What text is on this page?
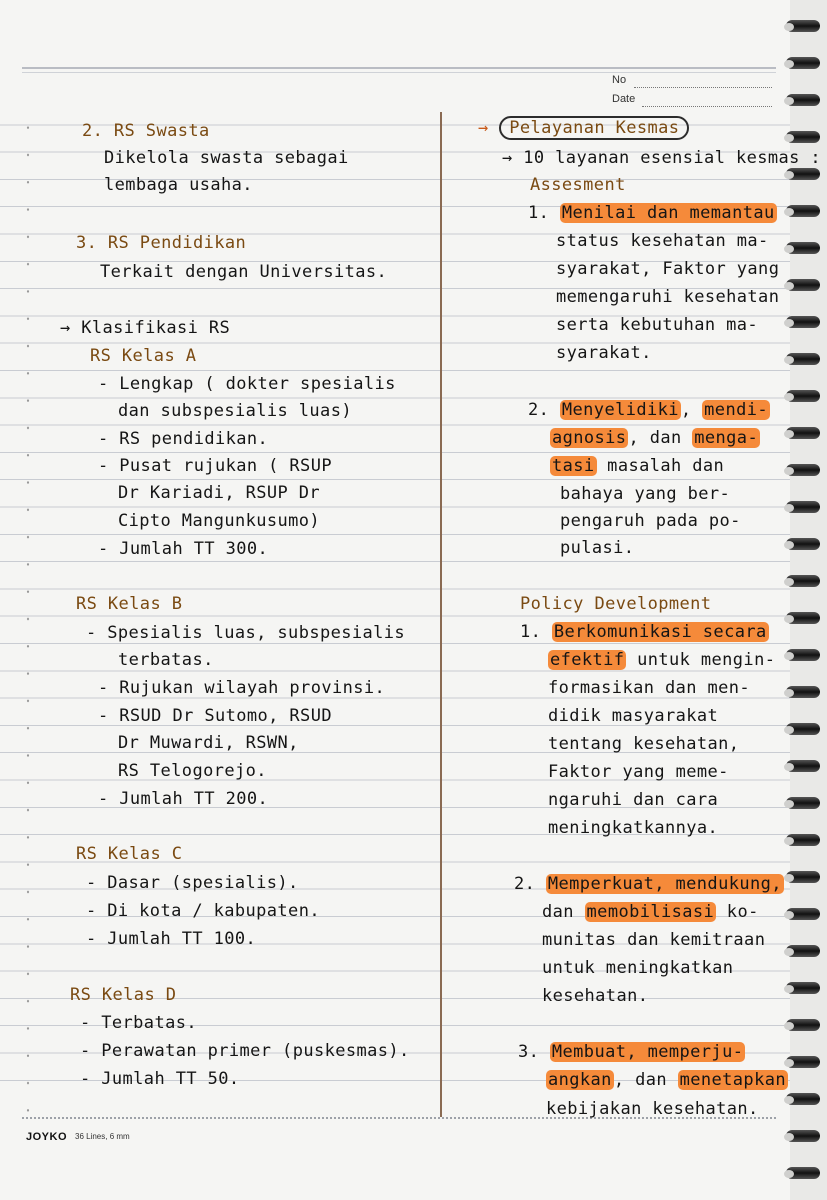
No
Date
JOYKO 36 Lines, 6 mm
2. RS Swasta
Dikelola swasta sebagai
lembaga usaha.
3. RS Pendidikan
Terkait dengan Universitas.
→ Klasifikasi RS
RS Kelas A
- Lengkap ( dokter spesialis
dan subspesialis luas)
- RS pendidikan.
- Pusat rujukan ( RSUP
Dr Kariadi, RSUP Dr
Cipto Mangunkusumo)
- Jumlah TT 300.
RS Kelas B
- Spesialis luas, subspesialis
terbatas.
- Rujukan wilayah provinsi.
- RSUD Dr Sutomo, RSUD
Dr Muwardi, RSWN,
RS Telogorejo.
- Jumlah TT 200.
RS Kelas C
- Dasar (spesialis).
- Di kota / kabupaten.
- Jumlah TT 100.
RS Kelas D
- Terbatas.
- Perawatan primer (puskesmas).
- Jumlah TT 50.
→ Pelayanan Kesmas
→ 10 layanan esensial kesmas :
Assesment
1. Menilai dan memantau
status kesehatan ma-
syarakat, Faktor yang
memengaruhi kesehatan
serta kebutuhan ma-
syarakat.
2. Menyelidiki , mendi-
agnosis , dan menga-
tasi masalah dan
bahaya yang ber-
pengaruh pada po-
pulasi.
Policy Development
1. Berkomunikasi secara
efektif untuk mengin-
formasikan dan men-
didik masyarakat
tentang kesehatan,
Faktor yang meme-
ngaruhi dan cara
meningkatkannya.
2. Memperkuat, mendukung,
dan memobilisasi ko-
munitas dan kemitraan
untuk meningkatkan
kesehatan.
3. Membuat, memperju-
angkan , dan menetapkan
kebijakan kesehatan.
